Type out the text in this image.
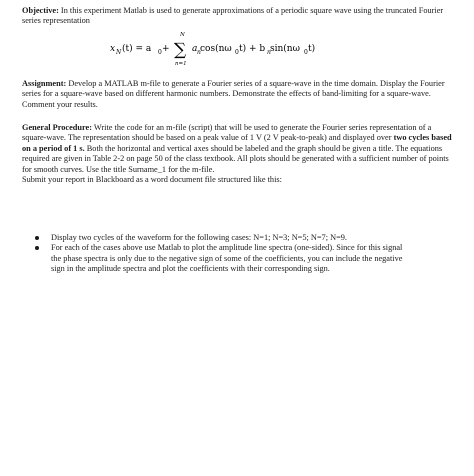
Objective: In this experiment Matlab is used to generate approximations of a periodic square wave using the truncated Fourier series representation
x N (t) = a 0 +
N
∑
n=1
a n cos(nω 0 t) + b n sin(nω 0 t)
Assignment: Develop a MATLAB m-file to generate a Fourier series of a square-wave in the time domain. Display the Fourier series for a square-wave based on different harmonic numbers. Demonstrate the effects of band-limiting for a square-wave. Comment your results.
General Procedure: Write the code for an m-file (script) that will be used to generate the Fourier series representation of a square-wave. The representation should be based on a peak value of 1 V (2 V peak-to-peak) and displayed over two cycles based on a period of 1 s. Both the horizontal and vertical axes should be labeled and the graph should be given a title. The equations required are given in Table 2-2 on page 50 of the class textbook. All plots should be generated with a sufficient number of points for smooth curves. Use the title Surname_1 for the m-file.
Submit your report in Blackboard as a word document file structured like this:
Display two cycles of the waveform for the following cases: N=1; N=3; N=5; N=7; N=9.
For each of the cases above use Matlab to plot the amplitude line spectra (one-sided). Since for this signal the phase spectra is only due to the negative sign of some of the coefficients, you can include the negative sign in the amplitude spectra and plot the coefficients with their corresponding sign.
